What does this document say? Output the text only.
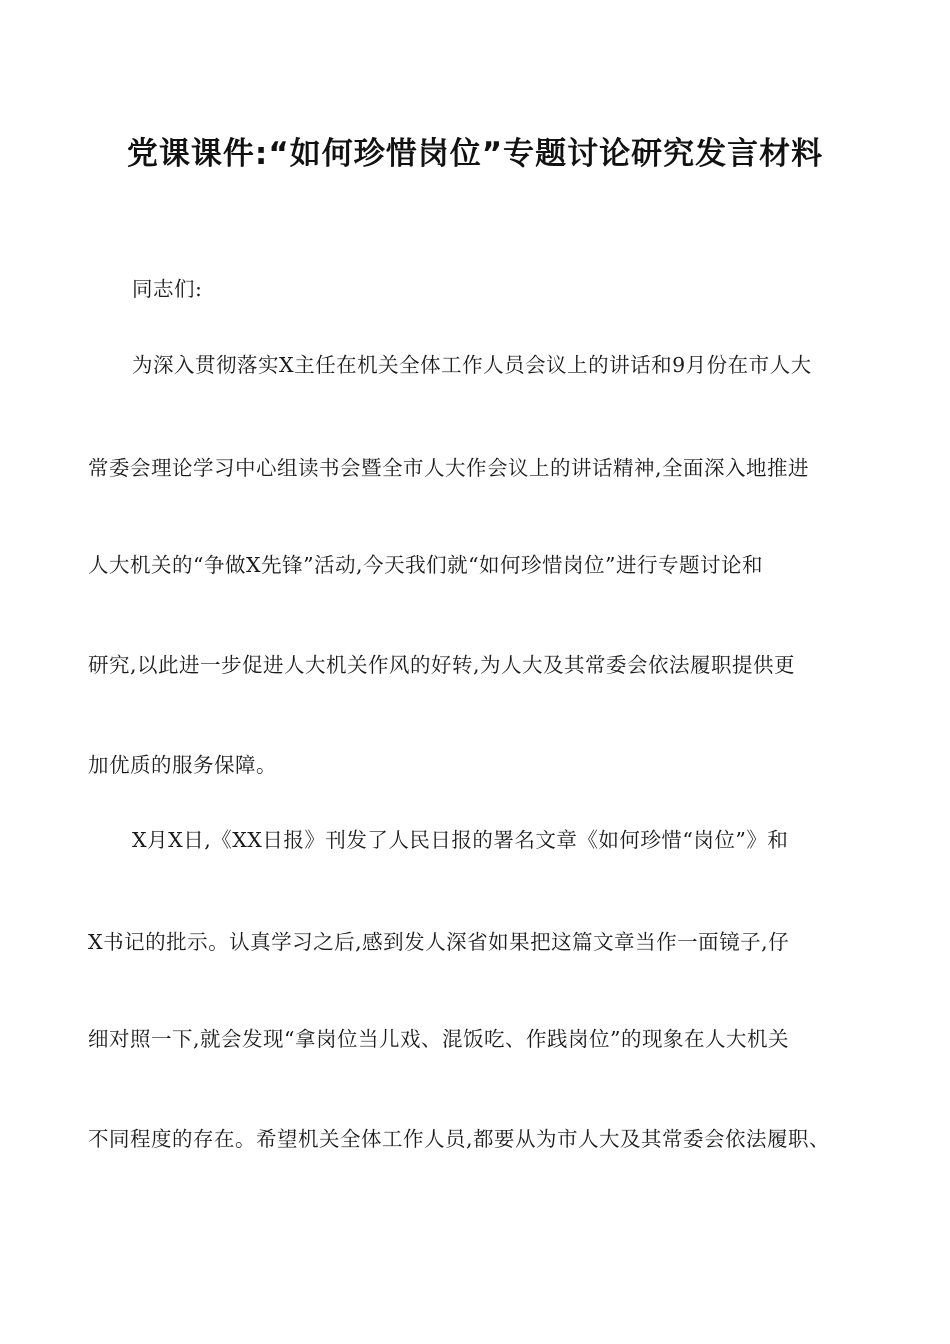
党课课件:“如何珍惜岗位”专题讨论研究发言材料
同志们:
为深入贯彻落实X主任在机关全体工作人员会议上的讲话和9月份在市人大
常委会理论学习中心组读书会暨全市人大作会议上的讲话精神,全面深入地推进
人大机关的“争做X先锋”活动,今天我们就“如何珍惜岗位”进行专题讨论和
研究,以此进一步促进人大机关作风的好转,为人大及其常委会依法履职提供更
加优质的服务保障。
X月X日,《XX日报》刊发了人民日报的署名文章《如何珍惜“岗位”》和
X书记的批示。认真学习之后,感到发人深省如果把这篇文章当作一面镜子,仔
细对照一下,就会发现“拿岗位当儿戏、混饭吃、作践岗位”的现象在人大机关
不同程度的存在。希望机关全体工作人员,都要从为市人大及其常委会依法履职、
